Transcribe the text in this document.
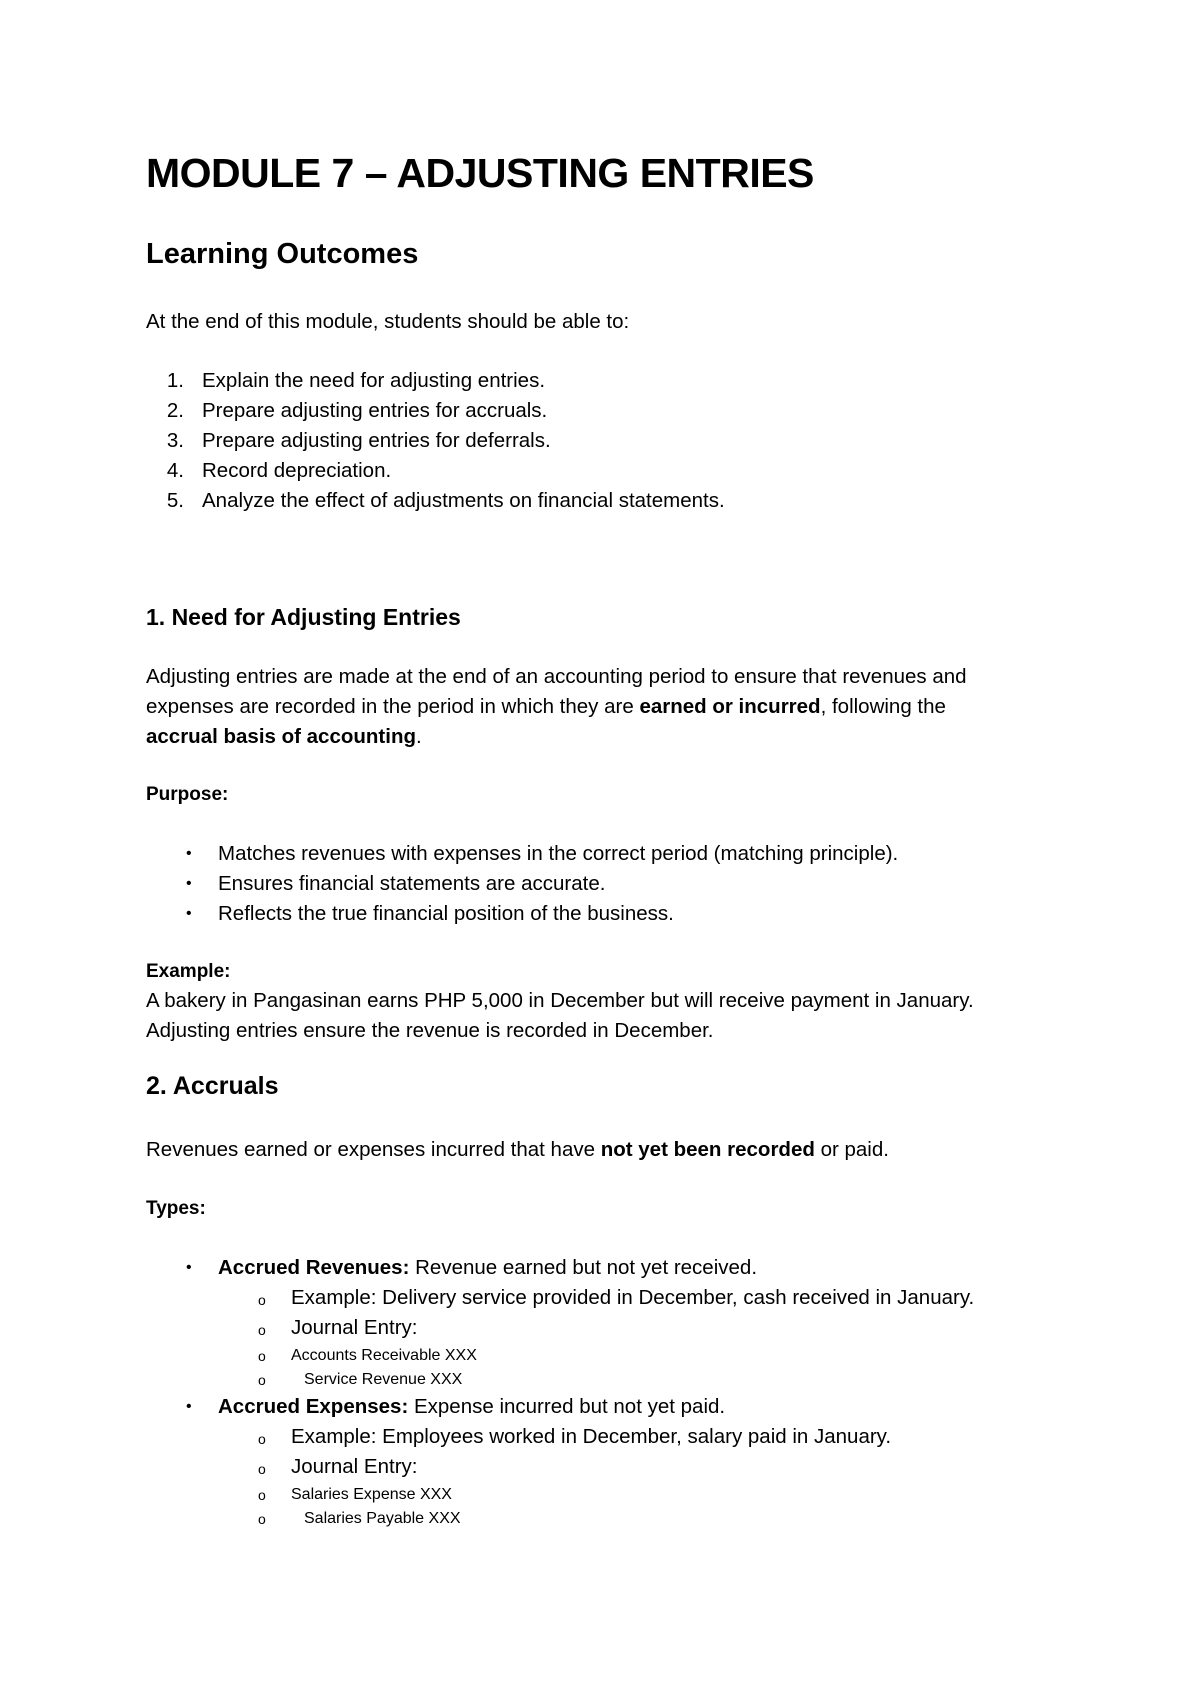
MODULE 7 – ADJUSTING ENTRIES
Learning Outcomes
At the end of this module, students should be able to:
1. Explain the need for adjusting entries.
2. Prepare adjusting entries for accruals.
3. Prepare adjusting entries for deferrals.
4. Record depreciation.
5. Analyze the effect of adjustments on financial statements.
1. Need for Adjusting Entries
Adjusting entries are made at the end of an accounting period to ensure that revenues and
expenses are recorded in the period in which they are earned or incurred, following the
accrual basis of accounting.
Purpose:
• Matches revenues with expenses in the correct period (matching principle).
• Ensures financial statements are accurate.
• Reflects the true financial position of the business.
Example:
A bakery in Pangasinan earns PHP 5,000 in December but will receive payment in January.
Adjusting entries ensure the revenue is recorded in December.
2. Accruals
Revenues earned or expenses incurred that have not yet been recorded or paid.
Types:
• Accrued Revenues: Revenue earned but not yet received.
o Example: Delivery service provided in December, cash received in January.
o Journal Entry:
o Accounts Receivable XXX
o Service Revenue XXX
• Accrued Expenses: Expense incurred but not yet paid.
o Example: Employees worked in December, salary paid in January.
o Journal Entry:
o Salaries Expense XXX
o Salaries Payable XXX
